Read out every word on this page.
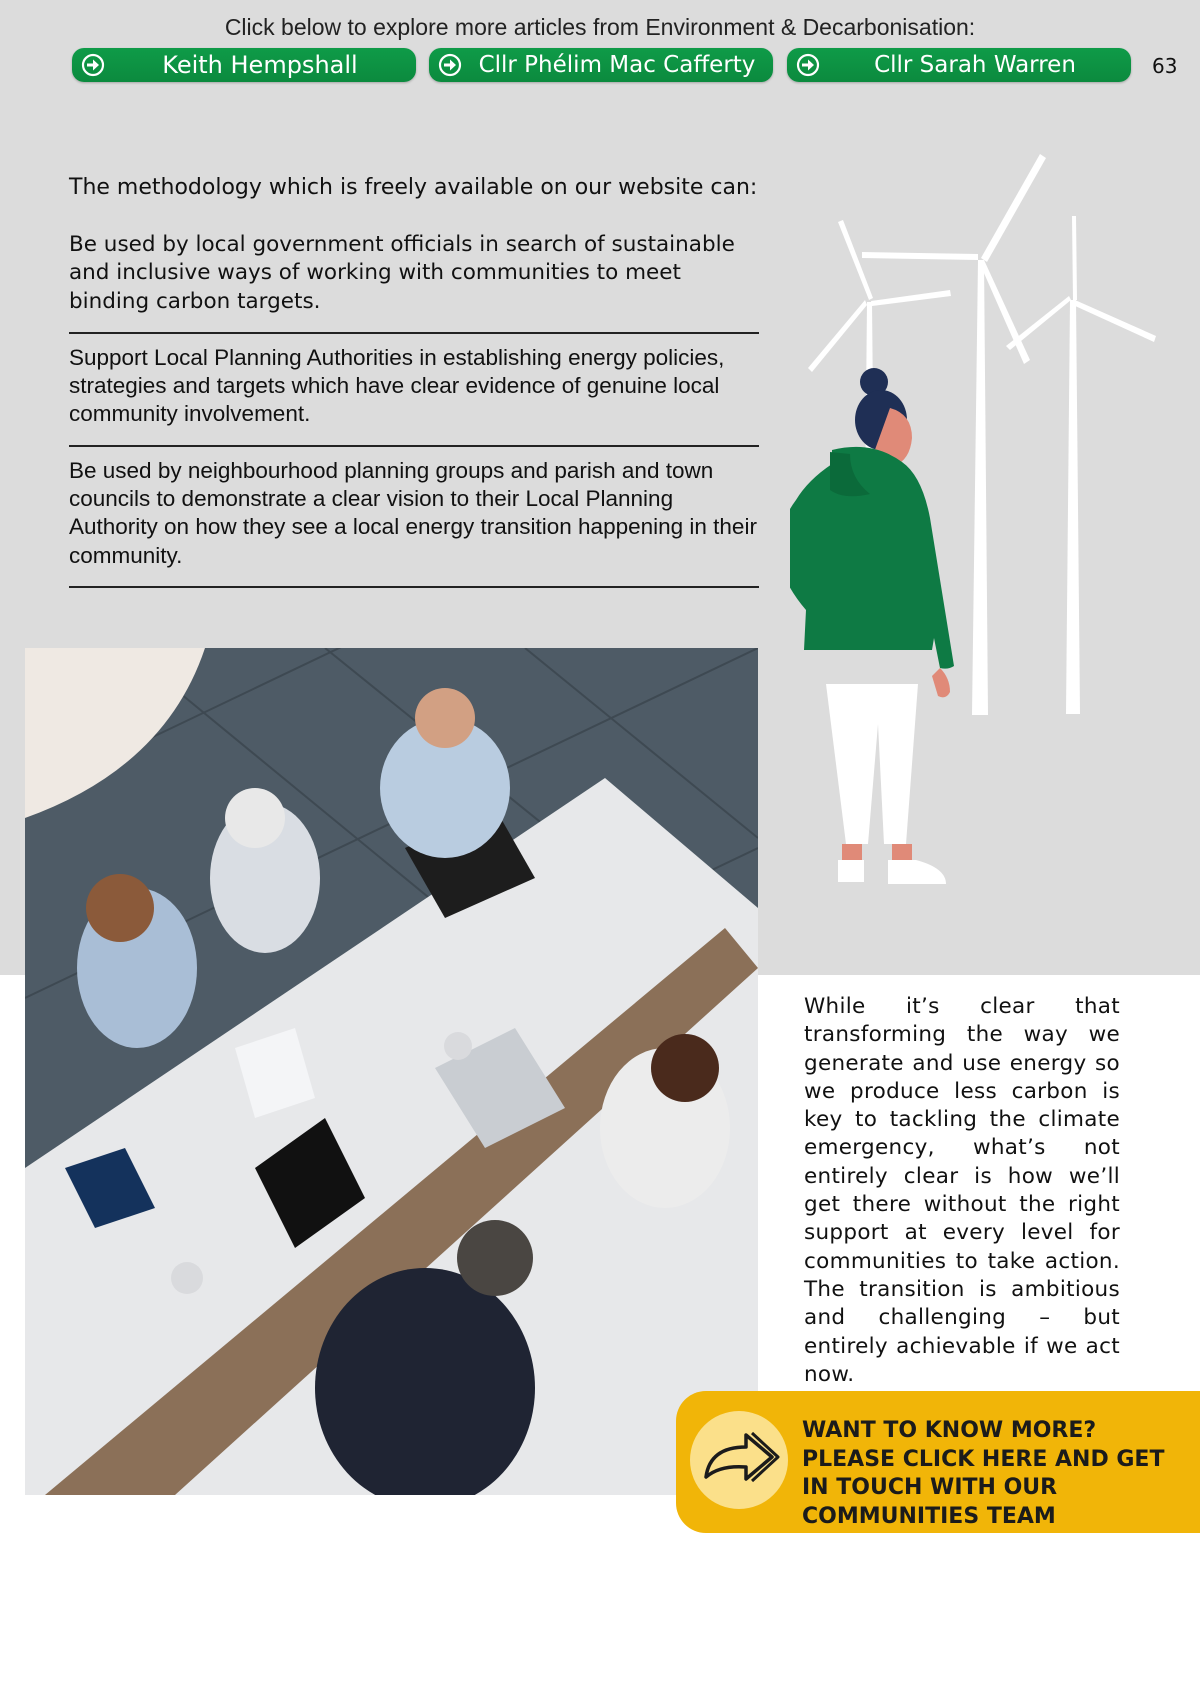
Click below to explore more articles from Environment & Decarbonisation:
Keith Hempshall	Cllr Phélim Mac Cafferty	Cllr Sarah Warren	63
The methodology which is freely available on our website can:
Be used by local government officials in search of sustainable and inclusive ways of working with communities to meet binding carbon targets.
Support Local Planning Authorities in establishing energy policies, strategies and targets which have clear evidence of genuine local community involvement.
Be used by neighbourhood planning groups and parish and town councils to demonstrate a clear vision to their Local Planning Authority on how they see a local energy transition happening in their community.
While it’s clear that transforming the way we generate and use energy so we produce less carbon is key to tackling the climate emergency, what’s not entirely clear is how we’ll get there without the right support at every level for communities to take action. The transition is ambitious and challenging – but entirely achievable if we act now.
WANT TO KNOW MORE? PLEASE CLICK HERE AND GET IN TOUCH WITH OUR COMMUNITIES TEAM
